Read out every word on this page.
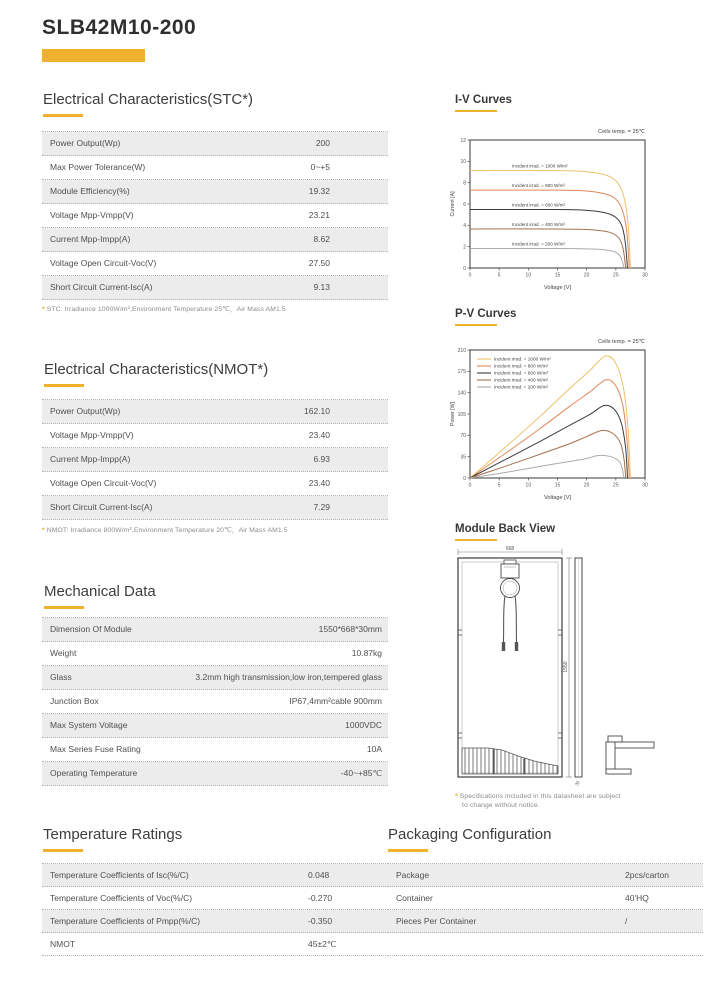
SLB42M10-200
Electrical Characteristics(STC*)
Power Output(Wp)	200
Max Power Tolerance(W)	0~+5
Module Efficiency(%)	19.32
Voltage Mpp-Vmpp(V)	23.21
Current Mpp-Impp(A)	8.62
Voltage Open Circuit-Voc(V)	27.50
Short Circuit Current-Isc(A)	9.13
* STC: Irradiance 1000W/m²,Environment Temperature 25℃，Air Mass AM1.5
Electrical Characteristics(NMOT*)
Power Output(Wp)	162.10
Voltage Mpp-Vmpp(V)	23.40
Current Mpp-Impp(A)	6.93
Voltage Open Circuit-Voc(V)	23.40
Short Circuit Current-Isc(A)	7.29
* NMOT: Irradiance 800W/m²,Environment Temperature 20℃，Air Mass AM1.5
Mechanical Data
Dimension Of Module	1550*668*30mm
Weight	10.87kg
Glass	3.2mm high transmission,low iron,tempered glass
Junction Box	IP67,4mm²cable 900mm
Max System Voltage	1000VDC
Max Series Fuse Rating	10A
Operating Temperature	-40~+85℃
Temperature Ratings
Temperature Coefficients of Isc(%/C)	0.048
Temperature Coefficients of Voc(%/C)	-0.270
Temperature Coefficients of Pmpp(%/C)	-0.350
NMOT	45±2℃
Packaging Configuration
Package	2pcs/carton
Container	40'HQ
Pieces Per Container	/
I-V Curves
Cells temp. = 25℃
0	5	10	15	20	25	30
0
2
4
6
8
10
12
Voltage [V]
Current [A]
Incident irrad. = 1000 W/m²
Incident irrad. = 800 W/m²
Incident irrad. = 600 W/m²
Incident irrad. = 400 W/m²
Incident irrad. = 200 W/m²
P-V Curves
Cells temp. = 25℃
0	5	10	15	20	25	30
0
35
70
105
140
175
210
Voltage [V]
Power [W]
Incident irrad. = 1000 W/m²
Incident irrad. = 800 W/m²
Incident irrad. = 600 W/m²
Incident irrad. = 400 W/m²
Incident irrad. = 200 W/m²
Module Back View
668
1550
30
* Specifications included in this datasheet are subject
to change without notice.
